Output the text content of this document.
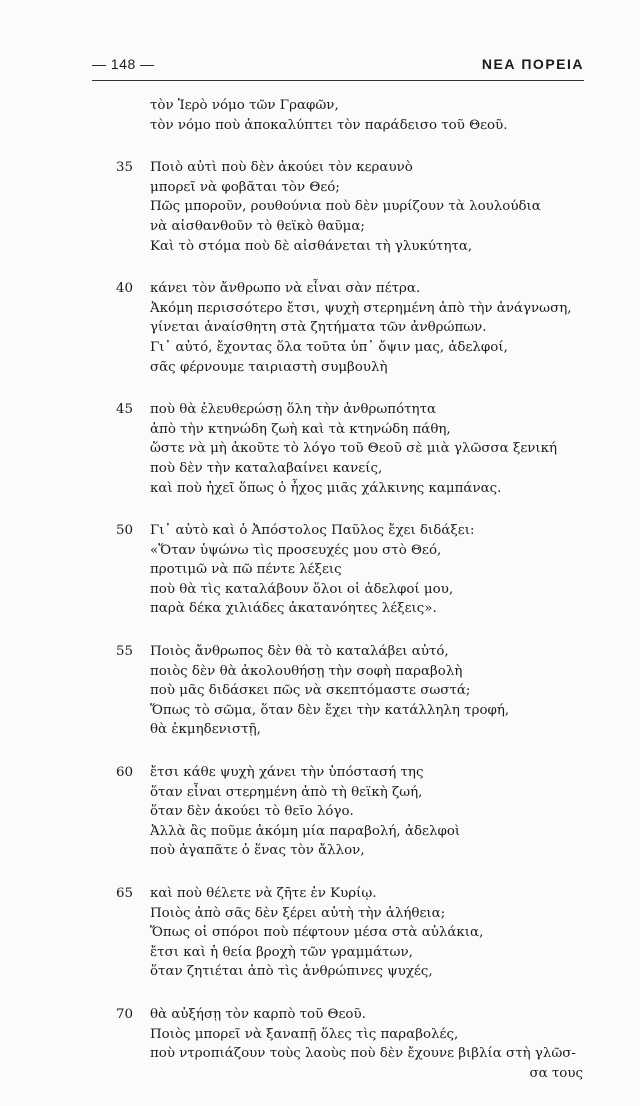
— 148 —	ΝΕΑ ΠΟΡΕΙΑ
τὸν Ἱερὸ νόμο τῶν Γραφῶν,
τὸν νόμο ποὺ ἀποκαλύπτει τὸν παράδεισο τοῦ Θεοῦ.
35 Ποιὸ αὐτὶ ποὺ δὲν ἀκούει τὸν κεραυνὸ
μπορεῖ νὰ φοβᾶται τὸν Θεό;
Πῶς μποροῦν, ρουθούνια ποὺ δὲν μυρίζουν τὰ λουλούδια
νὰ αἰσθανθοῦν τὸ θεϊκὸ θαῦμα;
Καὶ τὸ στόμα ποὺ δὲ αἰσθάνεται τὴ γλυκύτητα,
40 κάνει τὸν ἄνθρωπο νὰ εἶναι σὰν πέτρα.
Ἀκόμη περισσότερο ἔτσι, ψυχὴ στερημένη ἀπὸ τὴν ἀνάγνωση,
γίνεται ἀναίσθητη στὰ ζητήματα τῶν ἀνθρώπων.
Γι᾿ αὐτό, ἔχοντας ὅλα τοῦτα ὑπ᾿ ὄψιν μας, ἀδελφοί,
σᾶς φέρνουμε ταιριαστὴ συμβουλὴ
45 ποὺ θὰ ἐλευθερώσῃ ὅλη τὴν ἀνθρωπότητα
ἀπὸ τὴν κτηνώδη ζωὴ καὶ τὰ κτηνώδη πάθη,
ὥστε νὰ μὴ ἀκοῦτε τὸ λόγο τοῦ Θεοῦ σὲ μιὰ γλῶσσα ξενική
ποὺ δὲν τὴν καταλαβαίνει κανείς,
καὶ ποὺ ἠχεῖ ὅπως ὁ ἦχος μιᾶς χάλκινης καμπάνας.
50 Γι᾿ αὐτὸ καὶ ὁ Ἀπόστολος Παῦλος ἔχει διδάξει:
«Ὅταν ὑψώνω τὶς προσευχές μου στὸ Θεό,
προτιμῶ νὰ πῶ πέντε λέξεις
ποὺ θὰ τὶς καταλάβουν ὅλοι οἱ ἀδελφοί μου,
παρὰ δέκα χιλιάδες ἀκατανόητες λέξεις».
55 Ποιὸς ἄνθρωπος δὲν θὰ τὸ καταλάβει αὐτό,
ποιὸς δὲν θὰ ἀκολουθήσῃ τὴν σοφὴ παραβολὴ
ποὺ μᾶς διδάσκει πῶς νὰ σκεπτόμαστε σωστά;
Ὅπως τὸ σῶμα, ὅταν δὲν ἔχει τὴν κατάλληλη τροφή,
θὰ ἐκμηδενιστῇ,
60 ἔτσι κάθε ψυχὴ χάνει τὴν ὑπόστασή της
ὅταν εἶναι στερημένη ἀπὸ τὴ θεϊκὴ ζωή,
ὅταν δὲν ἀκούει τὸ θεῖο λόγο.
Ἀλλὰ ἂς ποῦμε ἀκόμη μία παραβολή, ἀδελφοὶ
ποὺ ἀγαπᾶτε ὁ ἕνας τὸν ἄλλον,
65 καὶ ποὺ θέλετε νὰ ζῆτε ἐν Κυρίῳ.
Ποιὸς ἀπὸ σᾶς δὲν ξέρει αὐτὴ τὴν ἀλήθεια;
Ὅπως οἱ σπόροι ποὺ πέφτουν μέσα στὰ αὐλάκια,
ἔτσι καὶ ἡ θεία βροχὴ τῶν γραμμάτων,
ὅταν ζητιέται ἀπὸ τὶς ἀνθρώπινες ψυχές,
70 θὰ αὐξήσῃ τὸν καρπὸ τοῦ Θεοῦ.
Ποιὸς μπορεῖ νὰ ξαναπῇ ὅλες τὶς παραβολές,
ποὺ ντροπιάζουν τοὺς λαοὺς ποὺ δὲν ἔχουνε βιβλία στὴ γλῶσ-
σα τους
